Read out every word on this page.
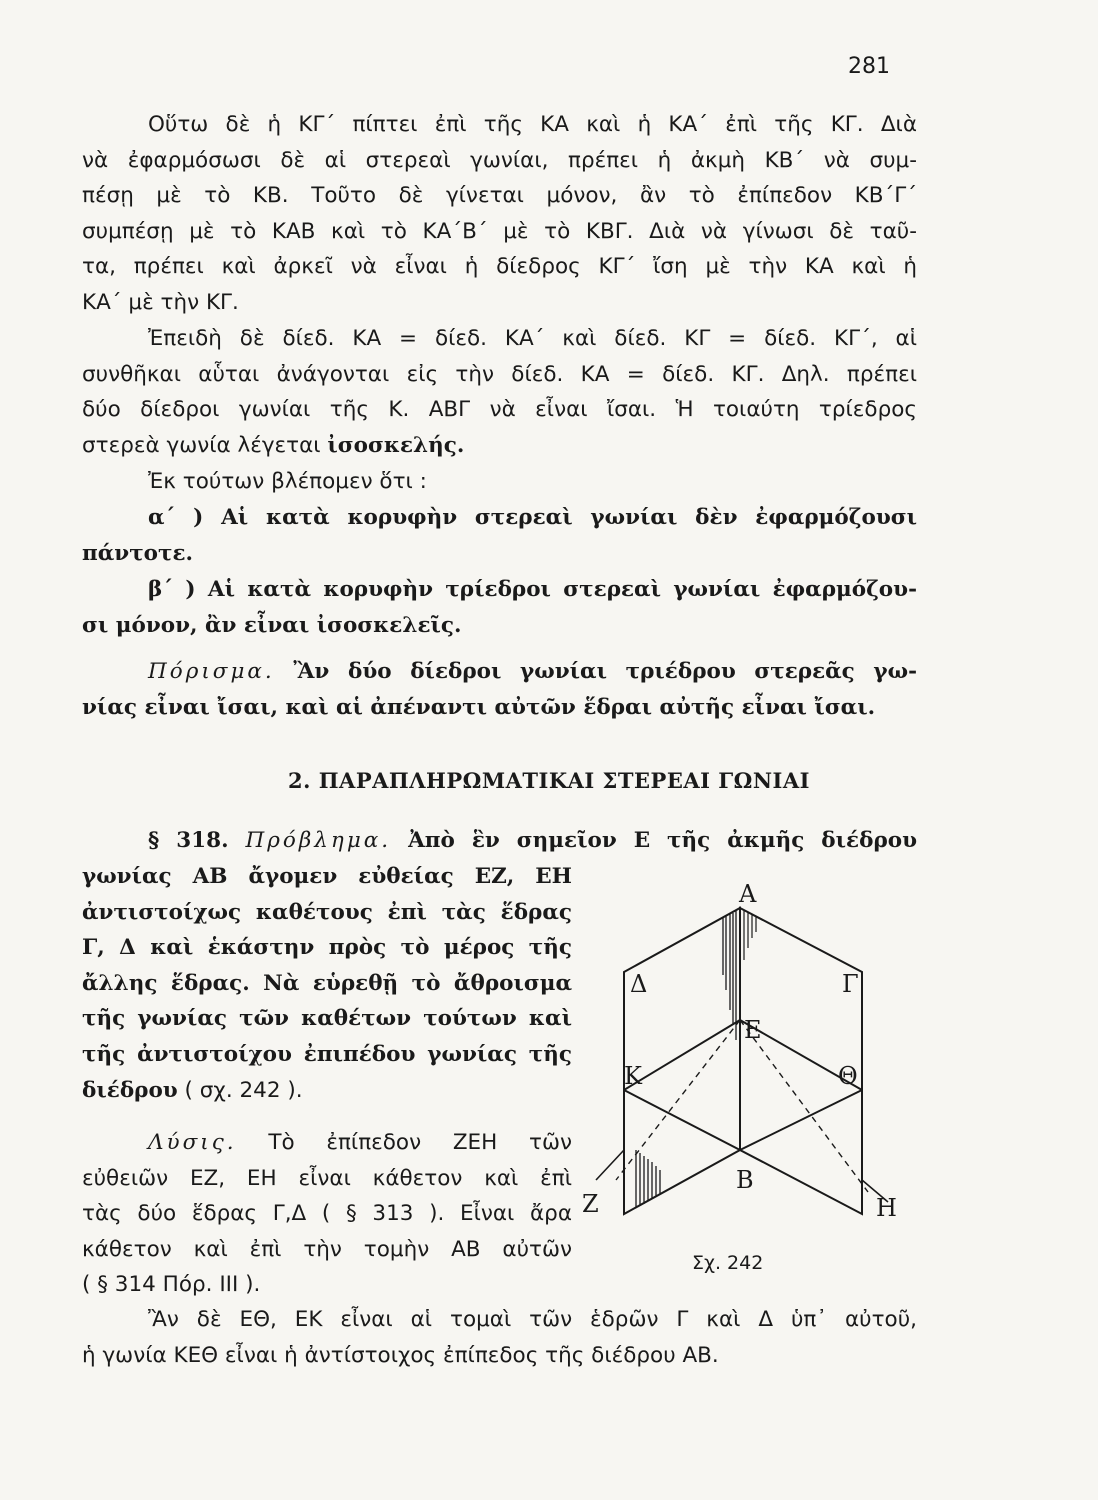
281
Οὕτω δὲ ἡ ΚΓ΄ πίπτει ἐπὶ τῆς ΚΑ καὶ ἡ ΚΑ΄ ἐπὶ τῆς ΚΓ. Διὰ
νὰ ἐφαρμόσωσι δὲ αἱ στερεαὶ γωνίαι, πρέπει ἡ ἀκμὴ ΚΒ΄ νὰ συμ-
πέσῃ μὲ τὸ ΚΒ. Τοῦτο δὲ γίνεται μόνον, ἂν τὸ ἐπίπεδον ΚΒ΄Γ΄
συμπέσῃ μὲ τὸ ΚΑΒ καὶ τὸ ΚΑ΄Β΄ μὲ τὸ ΚΒΓ. Διὰ νὰ γίνωσι δὲ ταῦ-
τα, πρέπει καὶ ἀρκεῖ νὰ εἶναι ἡ δίεδρος ΚΓ΄ ἴση μὲ τὴν ΚΑ καὶ ἡ
ΚΑ΄ μὲ τὴν ΚΓ.
Ἐπειδὴ δὲ δίεδ. ΚΑ = δίεδ. ΚΑ΄ καὶ δίεδ. ΚΓ = δίεδ. ΚΓ΄, αἱ
συνθῆκαι αὗται ἀνάγονται εἰς τὴν δίεδ. ΚΑ = δίεδ. ΚΓ. Δηλ. πρέπει
δύο δίεδροι γωνίαι τῆς Κ. ΑΒΓ νὰ εἶναι ἴσαι. Ἡ τοιαύτη τρίεδρος
στερεὰ γωνία λέγεται ἰσοσκελής.
Ἐκ τούτων βλέπομεν ὅτι :
α΄ ) Αἱ κατὰ κορυφὴν στερεαὶ γωνίαι δὲν ἐφαρμόζουσι
πάντοτε.
β΄ ) Αἱ κατὰ κορυφὴν τρίεδροι στερεαὶ γωνίαι ἐφαρμόζου-
σι μόνον, ἂν εἶναι ἰσοσκελεῖς.
Πόρισμα. Ἂν δύο δίεδροι γωνίαι τριέδρου στερεᾶς γω-
νίας εἶναι ἴσαι, καὶ αἱ ἀπέναντι αὐτῶν ἕδραι αὐτῆς εἶναι ἴσαι.
2. ΠΑΡΑΠΛΗΡΩΜΑΤΙΚΑΙ ΣΤΕΡΕΑΙ ΓΩΝΙΑΙ
§ 318. Πρόβλημα. Ἀπὸ ἓν σημεῖον Ε τῆς ἀκμῆς διέδρου
γωνίας ΑΒ ἄγομεν εὐθείας ΕΖ, ΕΗ
ἀντιστοίχως καθέτους ἐπὶ τὰς ἕδρας
Γ, Δ καὶ ἑκάστην πρὸς τὸ μέρος τῆς
ἄλλης ἕδρας. Νὰ εὑρεθῇ τὸ ἄθροισμα
τῆς γωνίας τῶν καθέτων τούτων καὶ
τῆς ἀντιστοίχου ἐπιπέδου γωνίας τῆς
διέδρου ( σχ. 242 ).
Λύσις. Τὸ ἐπίπεδον ΖΕΗ τῶν
εὐθειῶν ΕΖ, ΕΗ εἶναι κάθετον καὶ ἐπὶ
τὰς δύο ἕδρας Γ,Δ ( § 313 ). Εἶναι ἄρα
κάθετον καὶ ἐπὶ τὴν τομὴν ΑΒ αὐτῶν
( § 314 Πόρ. ΙΙΙ ).
Ἂν δὲ ΕΘ, ΕΚ εἶναι αἱ τομαὶ τῶν ἑδρῶν Γ καὶ Δ ὑπ᾽ αὐτοῦ,
ἡ γωνία ΚΕΘ εἶναι ἡ ἀντίστοιχος ἐπίπεδος τῆς διέδρου ΑΒ.
Α
Γ
Δ
Ε
Κ	Θ
Β
Ζ	Η
Σχ. 242
